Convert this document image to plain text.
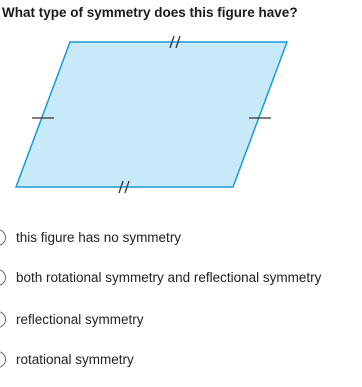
What type of symmetry does this figure have?
this figure has no symmetry
both rotational symmetry and reflectional symmetry
reflectional symmetry
rotational symmetry
